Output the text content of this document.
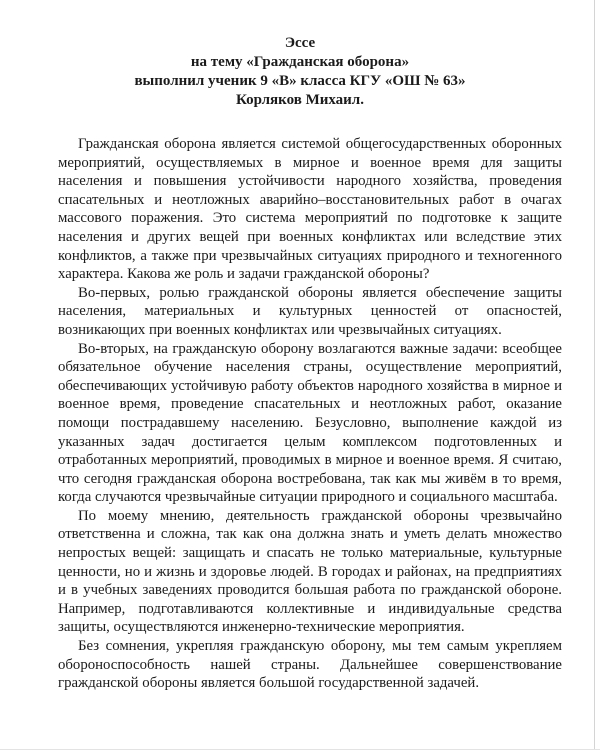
Эссе
на тему «Гражданская оборона»
выполнил ученик 9 «В» класса КГУ «ОШ № 63»
Корляков Михаил.

Гражданская оборона является системой общегосударственных оборонных мероприятий, осуществляемых в мирное и военное время для защиты населения и повышения устойчивости народного хозяйства, проведения спасательных и неотложных аварийно–восстановительных работ в очагах массового поражения. Это система мероприятий по подготовке к защите населения и других вещей при военных конфликтах или вследствие этих конфликтов, а также при чрезвычайных ситуациях природного и техногенного характера. Какова же роль и задачи гражданской обороны?

Во-первых, ролью гражданской обороны является обеспечение защиты населения, материальных и культурных ценностей от опасностей, возникающих при военных конфликтах или чрезвычайных ситуациях.

Во-вторых, на гражданскую оборону возлагаются важные задачи: всеобщее обязательное обучение населения страны, осуществление мероприятий, обеспечивающих устойчивую работу объектов народного хозяйства в мирное и военное время, проведение спасательных и неотложных работ, оказание помощи пострадавшему населению. Безусловно, выполнение каждой из указанных задач достигается целым комплексом подготовленных и отработанных мероприятий, проводимых в мирное и военное время. Я считаю, что сегодня гражданская оборона востребована, так как мы живём в то время, когда случаются чрезвычайные ситуации природного и социального масштаба.

По моему мнению, деятельность гражданской обороны чрезвычайно ответственна и сложна, так как она должна знать и уметь делать множество непростых вещей: защищать и спасать не только материальные, культурные ценности, но и жизнь и здоровье людей. В городах и районах, на предприятиях и в учебных заведениях проводится большая работа по гражданской обороне. Например, подготавливаются коллективные и индивидуальные средства защиты, осуществляются инженерно-технические мероприятия.

Без сомнения, укрепляя гражданскую оборону, мы тем самым укрепляем обороноспособность нашей страны. Дальнейшее совершенствование гражданской обороны является большой государственной задачей.
